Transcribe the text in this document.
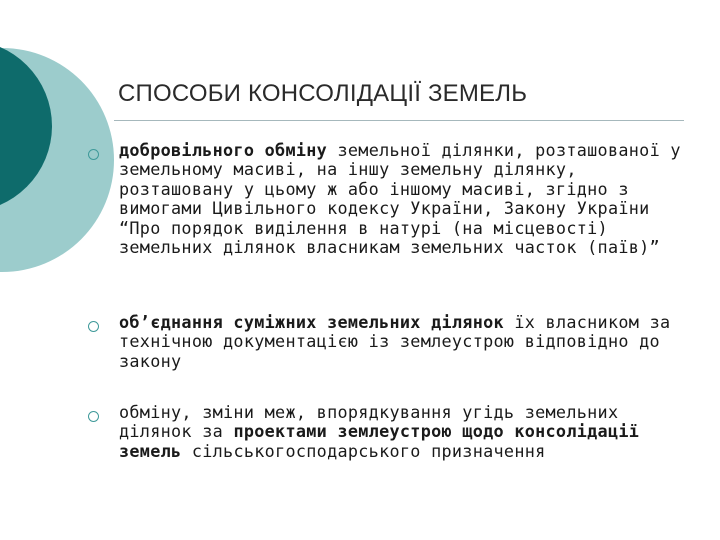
СПОСОБИ КОНСОЛІДАЦІЇ ЗЕМЕЛЬ

добровільного обміну земельної ділянки, розташованої у земельному масиві, на іншу земельну ділянку, розташовану у цьому ж або іншому масиві, згідно з вимогами Цивільного кодексу України, Закону України “Про порядок виділення в натурі (на місцевості) земельних ділянок власникам земельних часток (паїв)”

об’єднання суміжних земельних ділянок їх власником за технічною документацією із землеустрою відповідно до закону

обміну, зміни меж, впорядкування угідь земельних ділянок за проектами землеустрою щодо консолідації земель сільськогосподарського призначення
